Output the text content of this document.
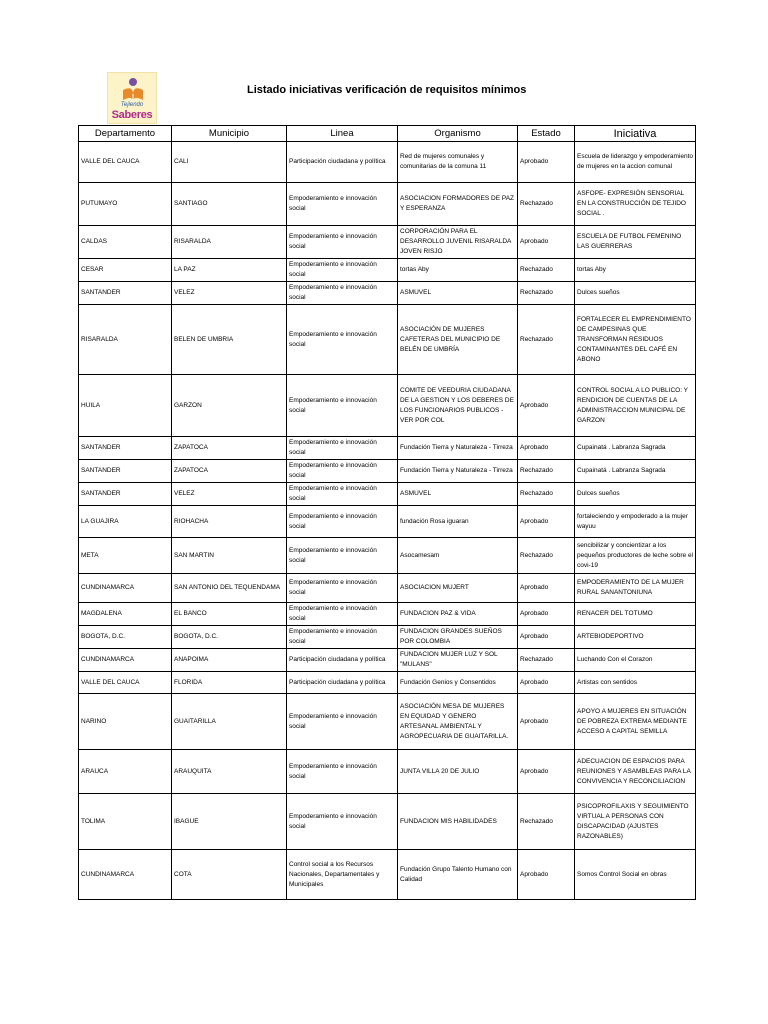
Tejiendo
Saberes
Listado iniciativas verificación de requisitos mínimos
Departamento	Municipio	Linea	Organismo	Estado	Iniciativa
VALLE DEL CAUCA	CALI	Participación ciudadana y política	Red de mujeres comunales y comunitarias de la comuna 11	Aprobado	Escuela de liderazgo y empoderamiento de mujeres en la accion comunal
PUTUMAYO	SANTIAGO	Empoderamiento e innovación social	ASOCIACION FORMADORES DE PAZ Y ESPERANZA	Rechazado	ASFOPE- EXPRESIÓN SENSORIAL EN LA CONSTRUCCIÓN DE TEJIDO SOCIAL .
CALDAS	RISARALDA	Empoderamiento e innovación social	CORPORACIÓN PARA EL DESARROLLO JUVENIL RISARALDA JOVEN RISJO	Aprobado	ESCUELA DE FUTBOL FEMENINO LAS GUERRERAS
CESAR	LA PAZ	Empoderamiento e innovación social	tortas Aby	Rechazado	tortas Aby
SANTANDER	VELEZ	Empoderamiento e innovación social	ASMUVEL	Rechazado	Dulces sueños
RISARALDA	BELEN DE UMBRIA	Empoderamiento e innovación social	ASOCIACIÓN DE MUJERES CAFETERAS DEL MUNICIPIO DE BELÉN DE UMBRÍA	Rechazado	FORTALECER EL EMPRENDIMIENTO DE CAMPESINAS QUE TRANSFORMAN RESIDUOS CONTAMINANTES DEL CAFÉ EN ABONO
HUILA	GARZON	Empoderamiento e innovación social	COMITE DE VEEDURIA CIUDADANA DE LA GESTION Y LOS DEBERES DE LOS FUNCIONARIOS PUBLICOS - VER POR COL	Aprobado	CONTROL SOCIAL A LO PUBLICO: Y RENDICION DE CUENTAS DE LA ADMINISTRACCION MUNICIPAL DE GARZON
SANTANDER	ZAPATOCA	Empoderamiento e innovación social	Fundación Tierra y Naturaleza - Tirreza	Aprobado	Cupainatá . Labranza Sagrada
SANTANDER	ZAPATOCA	Empoderamiento e innovación social	Fundación Tierra y Naturaleza - Tirreza	Rechazado	Cupainatá . Labranza Sagrada
SANTANDER	VELEZ	Empoderamiento e innovación social	ASMUVEL	Rechazado	Dulces sueños
LA GUAJIRA	RIOHACHA	Empoderamiento e innovación social	fundación Rosa iguaran	Aprobado	fortaleciendo y empoderado a la mujer wayuu
META	SAN MARTIN	Empoderamiento e innovación social	Asocamesam	Rechazado	sencibilizar y concientizar a los pequeños productores de leche sobre el covi-19
CUNDINAMARCA	SAN ANTONIO DEL TEQUENDAMA	Empoderamiento e innovación social	ASOCIACION MUJERT	Aprobado	EMPODERAMIENTO DE LA MUJER RURAL SANANTONIUNA
MAGDALENA	EL BANCO	Empoderamiento e innovación social	FUNDACION PAZ & VIDA	Aprobado	RENACER DEL TOTUMO
BOGOTA, D.C.	BOGOTA, D.C.	Empoderamiento e innovación social	FUNDACION GRANDES SUEÑOS POR COLOMBIA	Aprobado	ARTEBIODEPORTIVO
CUNDINAMARCA	ANAPOIMA	Participación ciudadana y política	FUNDACION MUJER LUZ Y SOL "MULANS"	Rechazado	Luchando Con el Corazon
VALLE DEL CAUCA	FLORIDA	Participación ciudadana y política	Fundación Genios y Consentidos	Aprobado	Artistas con sentidos
NARINO	GUAITARILLA	Empoderamiento e innovación social	ASOCIACIÓN MESA DE MUJERES EN EQUIDAD Y GENERO ARTESANAL AMBIENTAL Y AGROPECUARIA DE GUAITARILLA.	Aprobado	APOYO A MUJERES EN SITUACIÓN DE POBREZA EXTREMA MEDIANTE ACCESO A CAPITAL SEMILLA
ARAUCA	ARAUQUITA	Empoderamiento e innovación social	JUNTA VILLA 20 DE JULIO	Aprobado	ADECUACION DE ESPACIOS PARA REUNIONES Y ASAMBLEAS PARA LA CONVIVENCIA Y RECONCILIACION
TOLIMA	IBAGUE	Empoderamiento e innovación social	FUNDACION MIS HABILIDADES	Rechazado	PSICOPROFILAXIS Y SEGUIMIENTO VIRTUAL A PERSONAS CON DISCAPACIDAD (AJUSTES RAZONABLES)
CUNDINAMARCA	COTA	Control social a los Recursos Nacionales, Departamentales y Municipales	Fundación Grupo Talento Humano con Calidad	Aprobado	Somos Control Social en obras
